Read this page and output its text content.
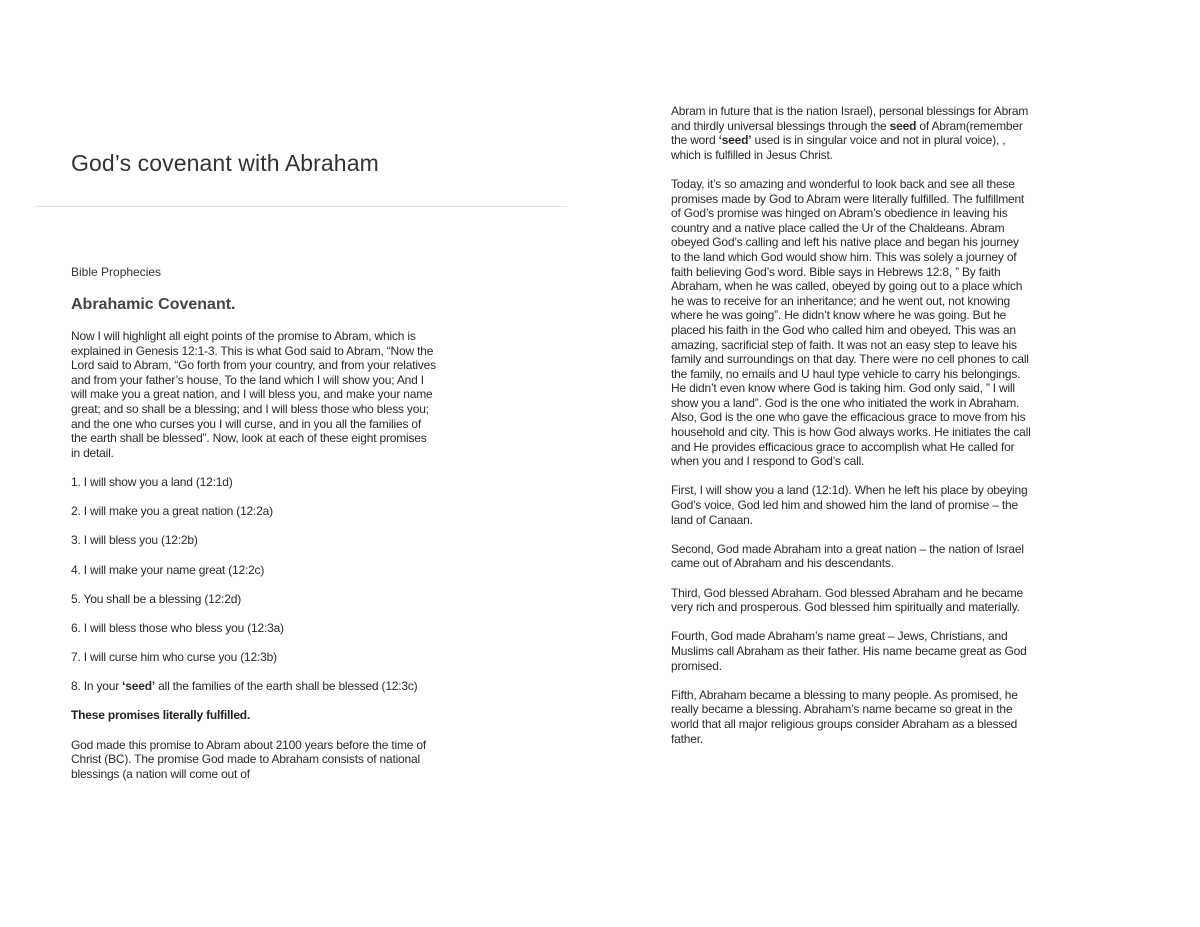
God’s covenant with Abraham

Bible Prophecies

Abrahamic Covenant.

Now I will highlight all eight points of the promise to Abram, which is explained in Genesis 12:1-3. This is what God said to Abram, “Now the Lord said to Abram, “Go forth from your country, and from your relatives and from your father’s house, To the land which I will show you; And I will make you a great nation, and I will bless you, and make your name great; and so shall be a blessing; and I will bless those who bless you; and the one who curses you I will curse, and in you all the families of the earth shall be blessed”. Now, look at each of these eight promises in detail.

1. I will show you a land (12:1d)

2. I will make you a great nation (12:2a)

3. I will bless you (12:2b)

4. I will make your name great (12:2c)

5. You shall be a blessing (12:2d)

6. I will bless those who bless you (12:3a)

7. I will curse him who curse you (12:3b)

8. In your ‘seed’ all the families of the earth shall be blessed (12:3c)

These promises literally fulfilled.

God made this promise to Abram about 2100 years before the time of Christ (BC). The promise God made to Abraham consists of national blessings (a nation will come out of

Abram in future that is the nation Israel), personal blessings for Abram and thirdly universal blessings through the seed of Abram(remember the word ‘seed’ used is in singular voice and not in plural voice), , which is fulfilled in Jesus Christ.

Today, it’s so amazing and wonderful to look back and see all these promises made by God to Abram were literally fulfilled. The fulfillment of God’s promise was hinged on Abram’s obedience in leaving his country and a native place called the Ur of the Chaldeans. Abram obeyed God’s calling and left his native place and began his journey to the land which God would show him. This was solely a journey of faith believing God’s word. Bible says in Hebrews 12:8, ” By faith Abraham, when he was called, obeyed by going out to a place which he was to receive for an inheritance; and he went out, not knowing where he was going”. He didn’t know where he was going. But he placed his faith in the God who called him and obeyed. This was an amazing, sacrificial step of faith. It was not an easy step to leave his family and surroundings on that day. There were no cell phones to call the family, no emails and U haul type vehicle to carry his belongings. He didn’t even know where God is taking him. God only said, ” I will show you a land”. God is the one who initiated the work in Abraham. Also, God is the one who gave the efficacious grace to move from his household and city. This is how God always works. He initiates the call and He provides efficacious grace to accomplish what He called for when you and I respond to God’s call.

First, I will show you a land (12:1d). When he left his place by obeying God’s voice, God led him and showed him the land of promise – the land of Canaan.

Second, God made Abraham into a great nation – the nation of Israel came out of Abraham and his descendants.

Third, God blessed Abraham. God blessed Abraham and he became very rich and prosperous. God blessed him spiritually and materially.

Fourth, God made Abraham’s name great – Jews, Christians, and Muslims call Abraham as their father. His name became great as God promised.

Fifth, Abraham became a blessing to many people. As promised, he really became a blessing. Abraham’s name became so great in the world that all major religious groups consider Abraham as a blessed father.
